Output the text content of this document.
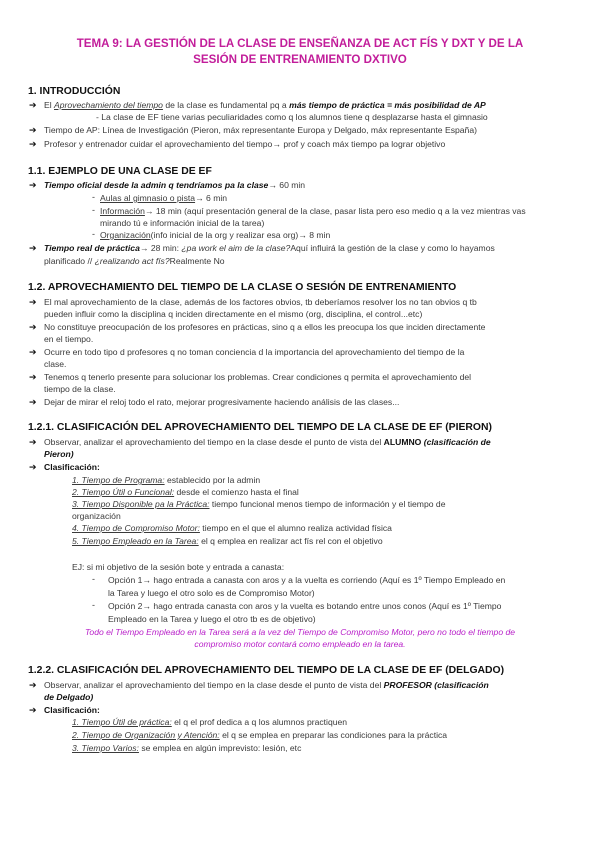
TEMA 9: LA GESTIÓN DE LA CLASE DE ENSEÑANZA DE ACT FÍS Y DXT Y DE LA
SESIÓN DE ENTRENAMIENTO DXTIVO
1. INTRODUCCIÓN
➔ El Aprovechamiento del tiempo de la clase es fundamental pq a más tiempo de práctica = más posibilidad de AP
- La clase de EF tiene varias peculiaridades como q los alumnos tiene q desplazarse hasta el gimnasio
➔ Tiempo de AP: Línea de Investigación (Pieron, máx representante Europa y Delgado, máx representante España)
➔ Profesor y entrenador cuidar el aprovechamiento del tiempo→ prof y coach máx tiempo pa lograr objetivo
1.1. EJEMPLO DE UNA CLASE DE EF
➔ Tiempo oficial desde la admin q tendríamos pa la clase→ 60 min
- Aulas al gimnasio o pista→ 6 min
- Información→ 18 min (aquí presentación general de la clase, pasar lista pero eso medio q a la vez mientras vas
mirando tú e información inicial de la tarea)
- Organización(info inicial de la org y realizar esa org)→ 8 min
➔ Tiempo real de práctica→ 28 min: ¿pa work el aim de la clase?Aquí influirá la gestión de la clase y como lo hayamos
planificado // ¿realizando act fís?Realmente No
1.2. APROVECHAMIENTO DEL TIEMPO DE LA CLASE O SESIÓN DE ENTRENAMIENTO
➔ El mal aprovechamiento de la clase, además de los factores obvios, tb deberíamos resolver los no tan obvios q tb
pueden influir como la disciplina q inciden directamente en el mismo (org, disciplina, el control...etc)
➔ No constituye preocupación de los profesores en prácticas, sino q a ellos les preocupa los que inciden directamente
en el tiempo.
➔ Ocurre en todo tipo d profesores q no toman conciencia d la importancia del aprovechamiento del tiempo de la
clase.
➔ Tenemos q tenerlo presente para solucionar los problemas. Crear condiciones q permita el aprovechamiento del
tiempo de la clase.
➔ Dejar de mirar el reloj todo el rato, mejorar progresivamente haciendo análisis de las clases...
1.2.1. CLASIFICACIÓN DEL APROVECHAMIENTO DEL TIEMPO DE LA CLASE DE EF (PIERON)
➔ Observar, analizar el aprovechamiento del tiempo en la clase desde el punto de vista del ALUMNO (clasificación de
Pieron)
➔ Clasificación:
1. Tiempo de Programa: establecido por la admin
2. Tiempo Útil o Funcional: desde el comienzo hasta el final
3. Tiempo Disponible pa la Práctica: tiempo funcional menos tiempo de información y el tiempo de
organización
4. Tiempo de Compromiso Motor: tiempo en el que el alumno realiza actividad física
5. Tiempo Empleado en la Tarea: el q emplea en realizar act fís rel con el objetivo
EJ: si mi objetivo de la sesión bote y entrada a canasta:
- Opción 1→ hago entrada a canasta con aros y a la vuelta es corriendo (Aquí es 1º Tiempo Empleado en
la Tarea y luego el otro solo es de Compromiso Motor)
- Opción 2→ hago entrada canasta con aros y la vuelta es botando entre unos conos (Aquí es 1º Tiempo
Empleado en la Tarea y luego el otro tb es de objetivo)
Todo el Tiempo Empleado en la Tarea será a la vez del Tiempo de Compromiso Motor, pero no todo el tiempo de
compromiso motor contará como empleado en la tarea.
1.2.2. CLASIFICACIÓN DEL APROVECHAMIENTO DEL TIEMPO DE LA CLASE DE EF (DELGADO)
➔ Observar, analizar el aprovechamiento del tiempo en la clase desde el punto de vista del PROFESOR (clasificación
de Delgado)
➔ Clasificación:
1. Tiempo Útil de práctica: el q el prof dedica a q los alumnos practiquen
2. Tiempo de Organización y Atención: el q se emplea en preparar las condiciones para la práctica
3. Tiempo Varios: se emplea en algún imprevisto: lesión, etc
